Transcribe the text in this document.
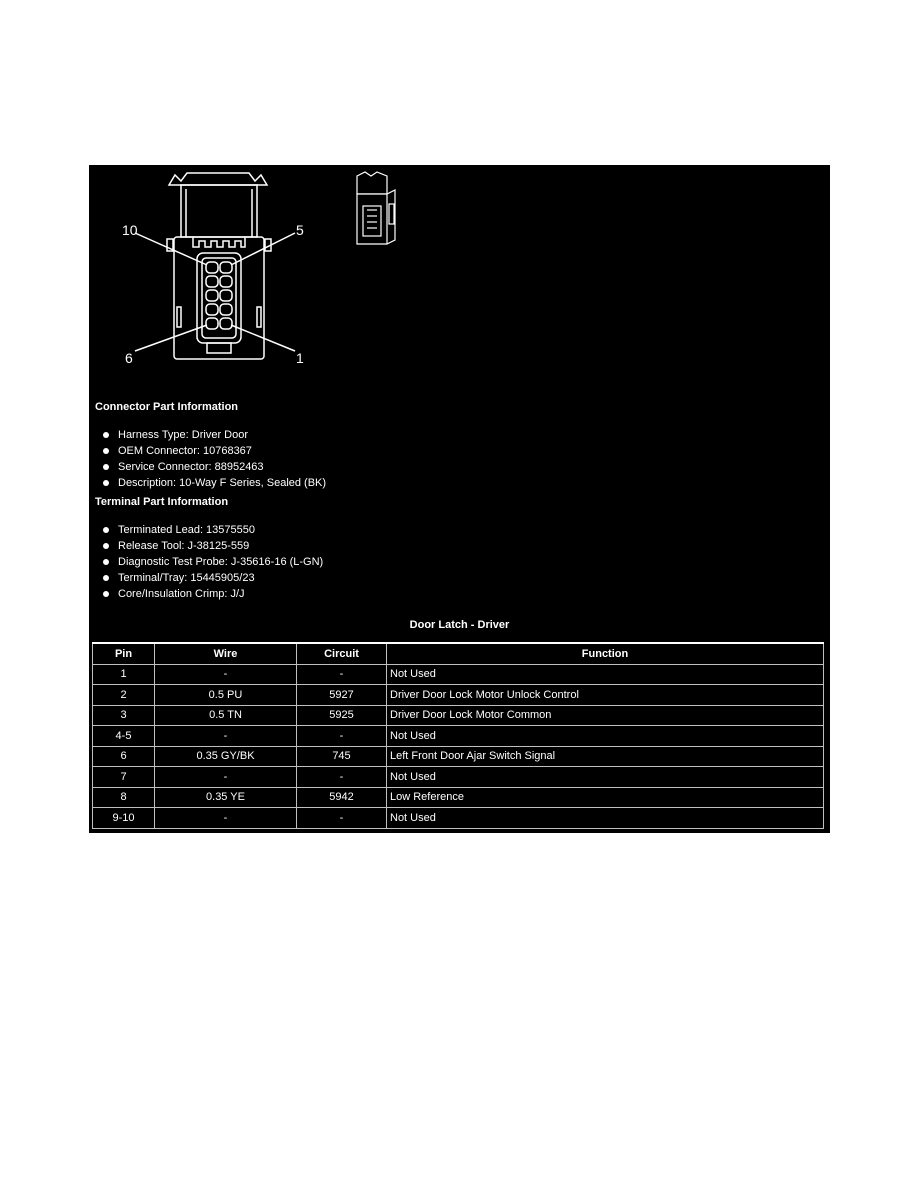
10	5
6	1
Connector Part Information
Harness Type: Driver Door
OEM Connector: 10768367
Service Connector: 88952463
Description: 10-Way F Series, Sealed (BK)
Terminal Part Information
Terminated Lead: 13575550
Release Tool: J-38125-559
Diagnostic Test Probe: J-35616-16 (L-GN)
Terminal/Tray: 15445905/23
Core/Insulation Crimp: J/J
Door Latch - Driver
Pin	Wire	Circuit	Function
1	-	-	Not Used
2	0.5 PU	5927	Driver Door Lock Motor Unlock Control
3	0.5 TN	5925	Driver Door Lock Motor Common
4-5	-	-	Not Used
6	0.35 GY/BK	745	Left Front Door Ajar Switch Signal
7	-	-	Not Used
8	0.35 YE	5942	Low Reference
9-10	-	-	Not Used
